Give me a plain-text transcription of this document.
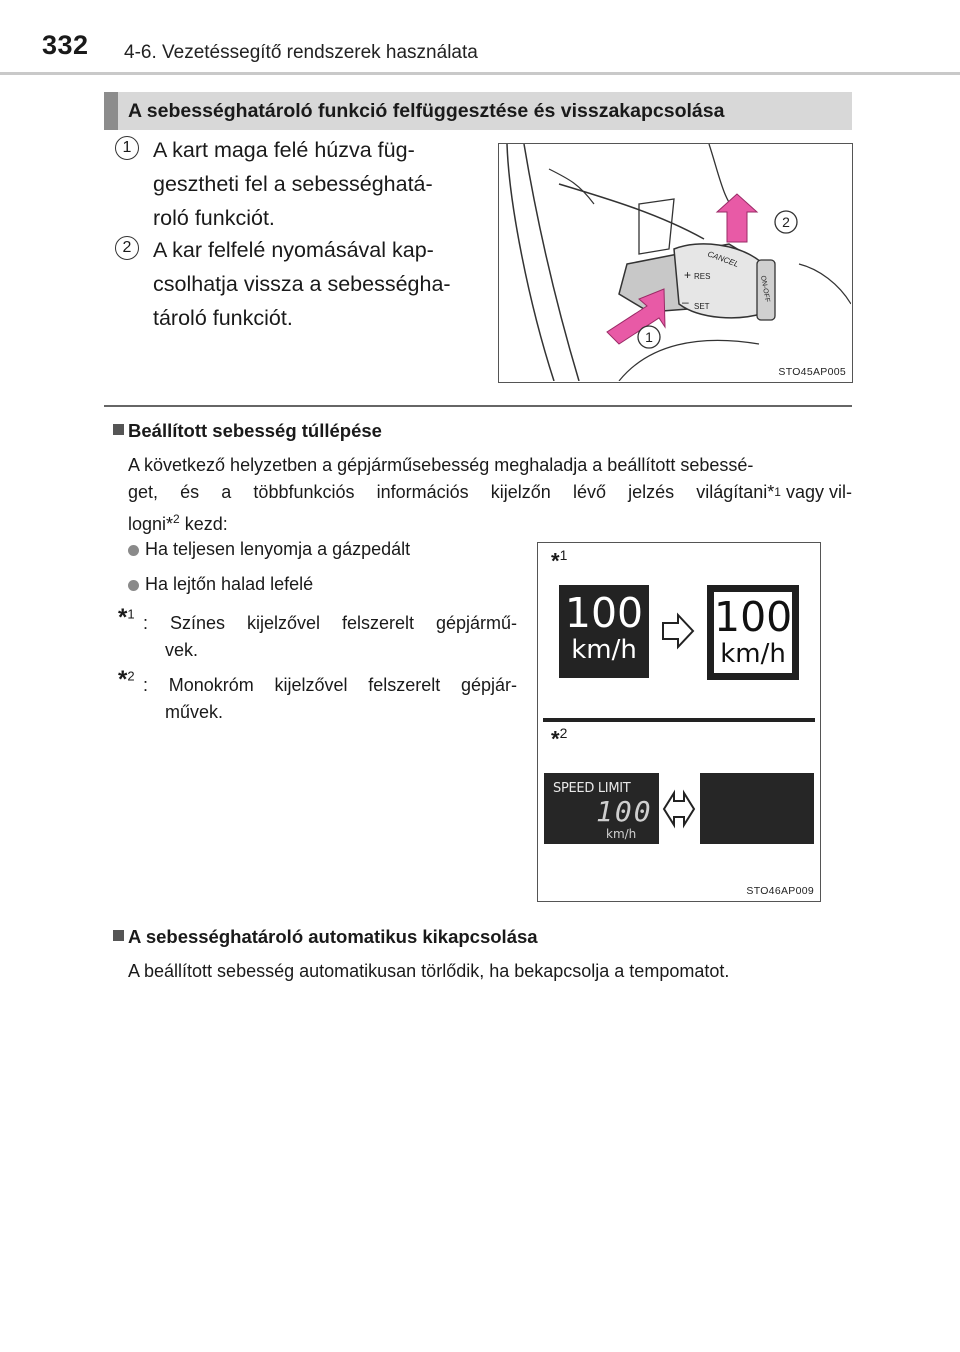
332 4-6. Vezetéssegítő rendszerek használata
A sebességhatároló funkció felfüggesztése és visszakapcsolása
1	A kart maga felé húzva füg-
gesztheti fel a sebességhatá-
roló funkciót.
2	A kar felfelé nyomásával kap-
csolhatja vissza a sebességha-
tároló funkciót.
CANCEL
RES
SET
ON-OFF
+
–
1
2
STO45AP005
Beállított sebesség túllépése
A következő helyzetben a gépjárműsebesség meghaladja a beállított sebessé-
get, és a többfunkciós információs kijelzőn lévő jelzés világítani* 1 vagy vil-
logni*$^2$ kezd:
Ha teljesen lenyomja a gázpedált
Ha lejtőn halad lefelé
*$^1$ : Színes kijelzővel felszerelt gépjármű-
vek.
*$^2$ : Monokróm kijelzővel felszerelt gépjár-
művek.
*$^1$
100
km/h
100
km/h
*$^2$
SPEED LIMIT
100
km/h
STO46AP009
A sebességhatároló automatikus kikapcsolása
A beállított sebesség automatikusan törlődik, ha bekapcsolja a tempomatot.
